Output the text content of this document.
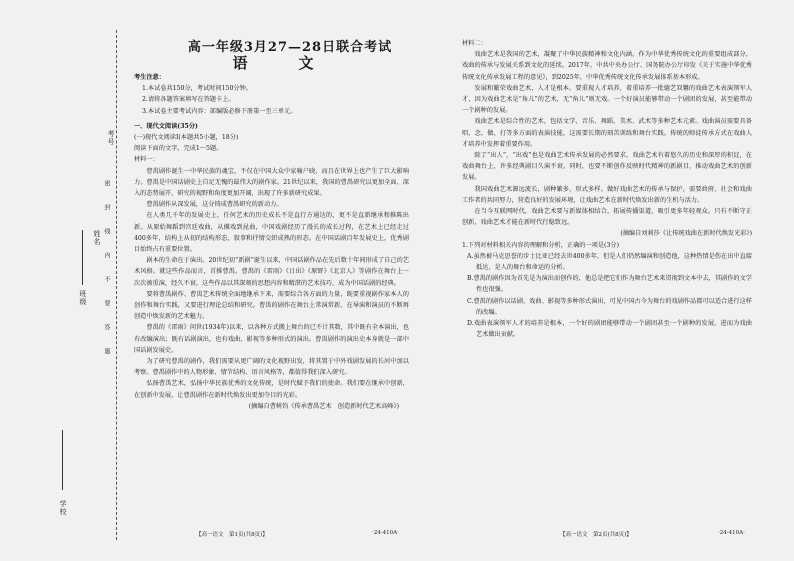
学校
班级
姓名
考号
密　　封　　线　　内　　不　　要　　答　　题
高一年级3月27—28日联合考试
语　文

考生注意：

1.本试卷共150分，考试时间150分钟。

2.请将各题答案填写在答题卡上。

3.本试卷主要考试内容：部编版必修下册第一至三单元。

一、现代文阅读(35分)

(一)现代文阅读Ⅰ(本题共5小题，18分)

阅读下面的文字，完成1～5题。

材料一：

曹禺剧作诞生一中华民族的魂宝，不仅在中国大众中家喻户晓，而且在世界上也产生了巨大影响力。曹禺是中国话剧史上自足无愧的最伟大的剧作家。21世纪以来，我国的曹禺研究以更加全面、深入的态势展开，研究的视野和角度更加开阔，出现了许多新研究成果。

曹禺剧作从深发展，这分铸成曹禺研究的新动力。

在人类几千年的发展史上，任何艺术的历史成长不是直行方通达的，更不是直新继承和推陈出新。从原始舞蹈到宫廷戏曲，从傩戏到昆曲，中国戏剧经历了漫长的成长过程，在艺术上已经走过400多年，结构上从初的结构形态，叙事和抒情交织成熟的形态。在中国话剧百年发展史上，优秀剧目始终占有重要位置。

剧本的生命在于演出。20世纪初“新剧”诞生以来，中国话剧作品在先后数十年间形成了自己的艺术风格。就这些作品而言，首推曹禺。曹禺的《雷雨》《日出》《原野》《北京人》等剧作在舞台上一次次被重演，经久不衰。这些作品以其深刻的思想内容和精湛的艺术技巧，成为中国话剧的经典。

要将曹禺剧作、曹禺艺术传统全面地继承下来，需要综合各方面的力量，既要重视剧作家本人的创作和舞台实践，又要进行理论总结和研究。曹禺的剧作在舞台上常演常新，在导演和演员的不断再创造中焕发新的艺术魅力。

曹禺的《雷雨》问世(1934年)以来，以各种方式搬上舞台的已不计其数，其中既有全本演出，也有改编演出；既有话剧演出，也有戏曲、影视等多种形式的演出。曹禺剧作的演出史本身就是一部中国话剧发展史。

为了研究曹禺的剧作，我们需要从更广阔的文化视野出发，将其置于中外戏剧发展的长河中加以考察。曹禺剧作中的人物形象、情节结构、语言风格等，都值得我们深入研究。

弘扬曹禺艺术，弘扬中华民族优秀的文化传统，是时代赋予我们的使命。我们要在继承中创新，在创新中发展，让曹禺剧作在新时代焕发出更加夺目的光彩。

(摘编自曹树钧《传承曹禺艺术　创造新时代艺术高峰》)

【高一语文　第1页(共8页)】	·24-410A·

材料二：

戏曲艺术是我国的艺术，凝聚了中华民族精神和文化内涵。作为中华优秀传统文化的重要组成部分，戏曲的传承与发展关系到文化的延续。2017年，中共中央办公厅、国务院办公厅印发《关于实施中华优秀传统文化传承发展工程的意见》，到2025年，中华优秀传统文化传承发展体系基本形成。

发展和繁荣戏曲艺术，人才是根本。要重视人才培养，着重培养一批德艺双馨的戏曲艺术表演领军人才，因为戏曲艺术是“角儿”的艺术，无“角儿”则无戏。一个好演员能够带动一个剧团的发展，甚至能带动一个剧种的发展。

戏曲艺术是综合性的艺术，包括文学、音乐、舞蹈、美术、武术等多种艺术元素。戏曲演员需要具备唱、念、做、打等多方面的表演技能，这需要长期的刻苦训练和舞台实践。传统的师徒传承方式在戏曲人才培养中发挥着重要作用。

除了“出人”，“出戏”也是戏曲艺术传承发展的必然要求。戏曲艺术有着悠久的历史和深厚的积淀，在戏曲舞台上，许多经典剧目久演不衰。同时，也要不断创作反映时代精神的新剧目，推动戏曲艺术的创新发展。

我国戏曲艺术源远流长，剧种繁多，形式多样。做好戏曲艺术的传承与保护，需要政府、社会和戏曲工作者的共同努力，营造良好的发展环境，让戏曲艺术在新时代焕发出新的生机与活力。

在当今互联网时代，戏曲艺术要与新媒体相结合，拓展传播渠道，吸引更多年轻观众。只有不断守正创新，戏曲艺术才能在新时代行稳致远。

(摘编自刘莉莎《让传统戏曲在新时代焕发光彩》)

1.下列对材料相关内容的理解和分析，正确的一项是(3分)

A.虽然被马克思誉的步士比亚已经去世400多年，但是人们仍然编演和创造他，这种热情是伤在出中直接抵达，是人的舞台和命运的分析。

B.曹禺的剧作因为首先是为演出而创作的，他总是把它们作为舞台艺术来贯彻到文本中去，其剧作的文学性也很强。

C.曹禺的剧作以话剧、戏曲、影视等多种形式演出，可见中国古今为舞台的戏剧作品都可以适合进行这样的改编。

D.戏曲表演领军人才的培养是根本，一个好的剧团能够带动一个剧团甚至一个剧种的发展，进而为戏曲艺术做出贡献。

【高一语文　第2页(共8页)】	·24-410A·
